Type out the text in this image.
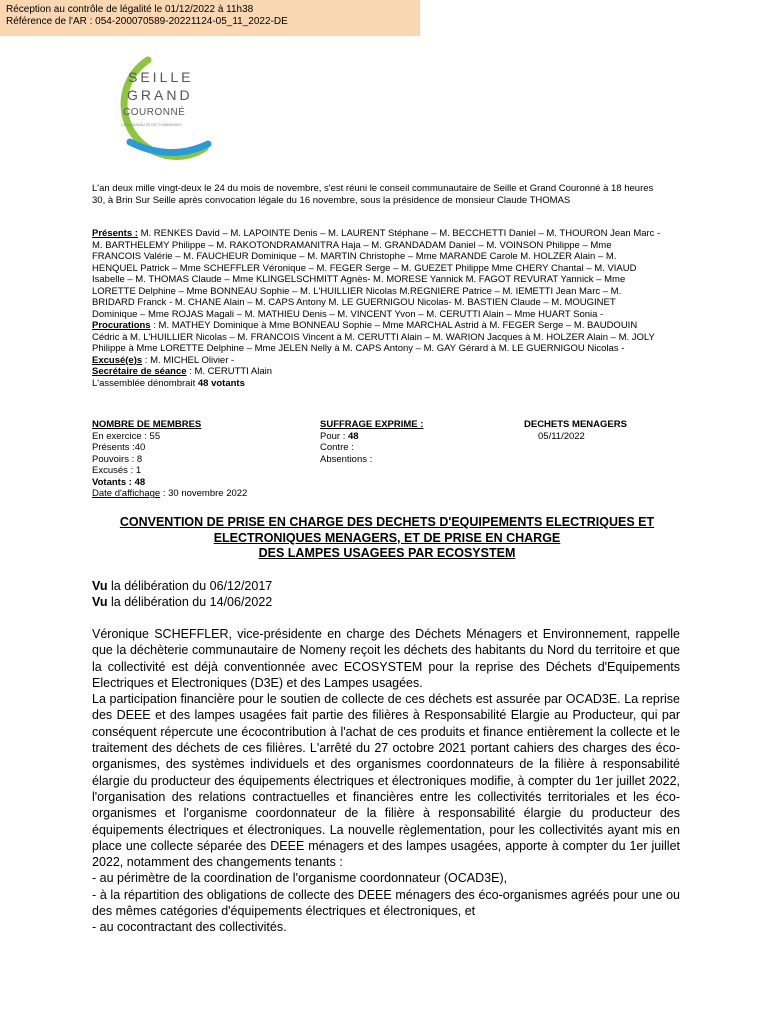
Réception au contrôle de légalité le 01/12/2022 à 11h38
Référence de l'AR : 054-200070589-20221124-05_11_2022-DE
SEILLE
GRAND
COURONNÉ
COMMUNAUTÉ DE COMMUNES
L'an deux mille vingt-deux le 24 du mois de novembre, s'est réuni le conseil communautaire de Seille et Grand Couronné à 18 heures 30, à Brin Sur Seille après convocation légale du 16 novembre, sous la présidence de monsieur Claude THOMAS
Présents : M. RENKES David – M. LAPOINTE Denis – M. LAURENT Stéphane – M. BECCHETTI Daniel – M. THOURON Jean Marc -M. BARTHELEMY Philippe – M. RAKOTONDRAMANITRA Haja – M. GRANDADAM Daniel – M. VOINSON Philippe – Mme FRANCOIS Valérie – M. FAUCHEUR Dominique – M. MARTIN Christophe – Mme MARANDE Carole M. HOLZER Alain – M. HENQUEL Patrick – Mme SCHEFFLER Véronique – M. FEGER Serge – M. GUEZET Philippe Mme CHERY Chantal – M. VIAUD Isabelle – M. THOMAS Claude – Mme KLINGELSCHMITT Agnès- M. MORESE Yannick M. FAGOT REVURAT Yannick – Mme LORETTE Delphine – Mme BONNEAU Sophie – M. L'HUILLIER Nicolas M.REGNIERE Patrice – M. IEMETTI Jean Marc – M. BRIDARD Franck - M. CHANE Alain – M. CAPS Antony M. LE GUERNIGOU Nicolas- M. BASTIEN Claude – M. MOUGINET Dominique – Mme ROJAS Magali – M. MATHIEU Denis – M. VINCENT Yvon – M. CERUTTI Alain – Mme HUART Sonia -
Procurations : M. MATHEY Dominique à Mme BONNEAU Sophie – Mme MARCHAL Astrid à M. FEGER Serge – M. BAUDOUIN Cédric à M. L'HUILLIER Nicolas – M. FRANCOIS Vincent à M. CERUTTI Alain – M. WARION Jacques à M. HOLZER Alain – M. JOLY Philippe à Mme LORETTE Delphine – Mme JELEN Nelly à M. CAPS Antony – M. GAY Gérard à M. LE GUERNIGOU Nicolas -
Excusé(e)s : M. MICHEL Olivier -
Secrétaire de séance : M. CERUTTI Alain
L'assemblée dénombrait 48 votants
NOMBRE DE MEMBRES
En exercice : 55
Présents :40
Pouvoirs : 8
Excusés : 1
Votants : 48
Date d'affichage : 30 novembre 2022
SUFFRAGE EXPRIME :
Pour : 48
Contre :
Absentions :
DECHETS MENAGERS
05/11/2022
CONVENTION DE PRISE EN CHARGE DES DECHETS D'EQUIPEMENTS ELECTRIQUES ET
ELECTRONIQUES MENAGERS, ET DE PRISE EN CHARGE
DES LAMPES USAGEES PAR ECOSYSTEM
Vu la délibération du 06/12/2017
Vu la délibération du 14/06/2022

Véronique SCHEFFLER, vice-présidente en charge des Déchets Ménagers et Environnement, rappelle que la déchèterie communautaire de Nomeny reçoit les déchets des habitants du Nord du territoire et que la collectivité est déjà conventionnée avec ECOSYSTEM pour la reprise des Déchets d'Equipements Electriques et Electroniques (D3E) et des Lampes usagées.

La participation financière pour le soutien de collecte de ces déchets est assurée par OCAD3E. La reprise des DEEE et des lampes usagées fait partie des filières à Responsabilité Elargie au Producteur, qui par conséquent répercute une écocontribution à l'achat de ces produits et finance entièrement la collecte et le traitement des déchets de ces filières. L'arrêté du 27 octobre 2021 portant cahiers des charges des éco-organismes, des systèmes individuels et des organismes coordonnateurs de la filière à responsabilité élargie du producteur des équipements électriques et électroniques modifie, à compter du 1er juillet 2022, l'organisation des relations contractuelles et financières entre les collectivités territoriales et les éco-organismes et l'organisme coordonnateur de la filière à responsabilité élargie du producteur des équipements électriques et électroniques. La nouvelle règlementation, pour les collectivités ayant mis en place une collecte séparée des DEEE ménagers et des lampes usagées, apporte à compter du 1er juillet 2022, notamment des changements tenants :

- au périmètre de la coordination de l'organisme coordonnateur (OCAD3E),

- à la répartition des obligations de collecte des DEEE ménagers des éco-organismes agréés pour une ou des mêmes catégories d'équipements électriques et électroniques, et

- au cocontractant des collectivités.
